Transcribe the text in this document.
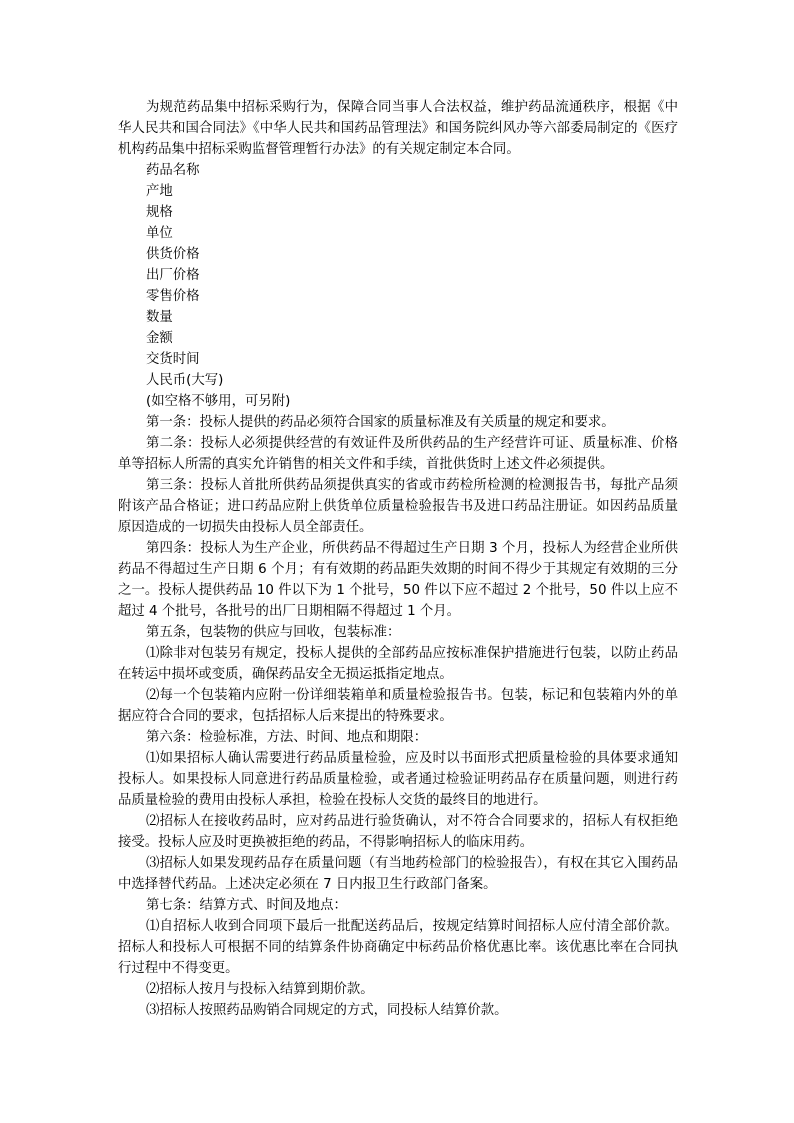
为规范药品集中招标采购行为，保障合同当事人合法权益，维护药品流通秩序，根据《中华人民共和国合同法》《中华人民共和国药品管理法》和国务院纠风办等六部委局制定的《医疗机构药品集中招标采购监督管理暂行办法》的有关规定制定本合同。

药品名称
产地
规格
单位
供货价格
出厂价格
零售价格
数量
金额
交货时间
人民币(大写)
(如空格不够用，可另附)

第一条：投标人提供的药品必须符合国家的质量标准及有关质量的规定和要求。

第二条：投标人必须提供经营的有效证件及所供药品的生产经营许可证、质量标准、价格单等招标人所需的真实允许销售的相关文件和手续，首批供货时上述文件必须提供。

第三条：投标人首批所供药品须提供真实的省或市药检所检测的检测报告书，每批产品须附该产品合格证；进口药品应附上供货单位质量检验报告书及进口药品注册证。如因药品质量原因造成的一切损失由投标人员全部责任。

第四条：投标人为生产企业，所供药品不得超过生产日期 3 个月，投标人为经营企业所供药品不得超过生产日期 6 个月；有有效期的药品距失效期的时间不得少于其规定有效期的三分之一。投标人提供药品 10 件以下为 1 个批号，50 件以下应不超过 2 个批号，50 件以上应不超过 4 个批号，各批号的出厂日期相隔不得超过 1 个月。

第五条，包装物的供应与回收，包装标准：

⑴除非对包装另有规定，投标人提供的全部药品应按标准保护措施进行包装，以防止药品在转运中损坏或变质，确保药品安全无损运抵指定地点。

⑵每一个包装箱内应附一份详细装箱单和质量检验报告书。包装，标记和包装箱内外的单据应符合合同的要求，包括招标人后来提出的特殊要求。

第六条：检验标准，方法、时间、地点和期限：

⑴如果招标人确认需要进行药品质量检验，应及时以书面形式把质量检验的具体要求通知投标人。如果投标人同意进行药品质量检验，或者通过检验证明药品存在质量问题，则进行药品质量检验的费用由投标人承担，检验在投标人交货的最终目的地进行。

⑵招标人在接收药品时，应对药品进行验货确认，对不符合合同要求的，招标人有权拒绝接受。投标人应及时更换被拒绝的药品，不得影响招标人的临床用药。

⑶招标人如果发现药品存在质量问题（有当地药检部门的检验报告），有权在其它入围药品中选择替代药品。上述决定必须在 7 日内报卫生行政部门备案。

第七条：结算方式、时间及地点：

⑴自招标人收到合同项下最后一批配送药品后，按规定结算时间招标人应付清全部价款。招标人和投标人可根据不同的结算条件协商确定中标药品价格优惠比率。该优惠比率在合同执行过程中不得变更。

⑵招标人按月与投标入结算到期价款。

⑶招标人按照药品购销合同规定的方式，同投标人结算价款。
